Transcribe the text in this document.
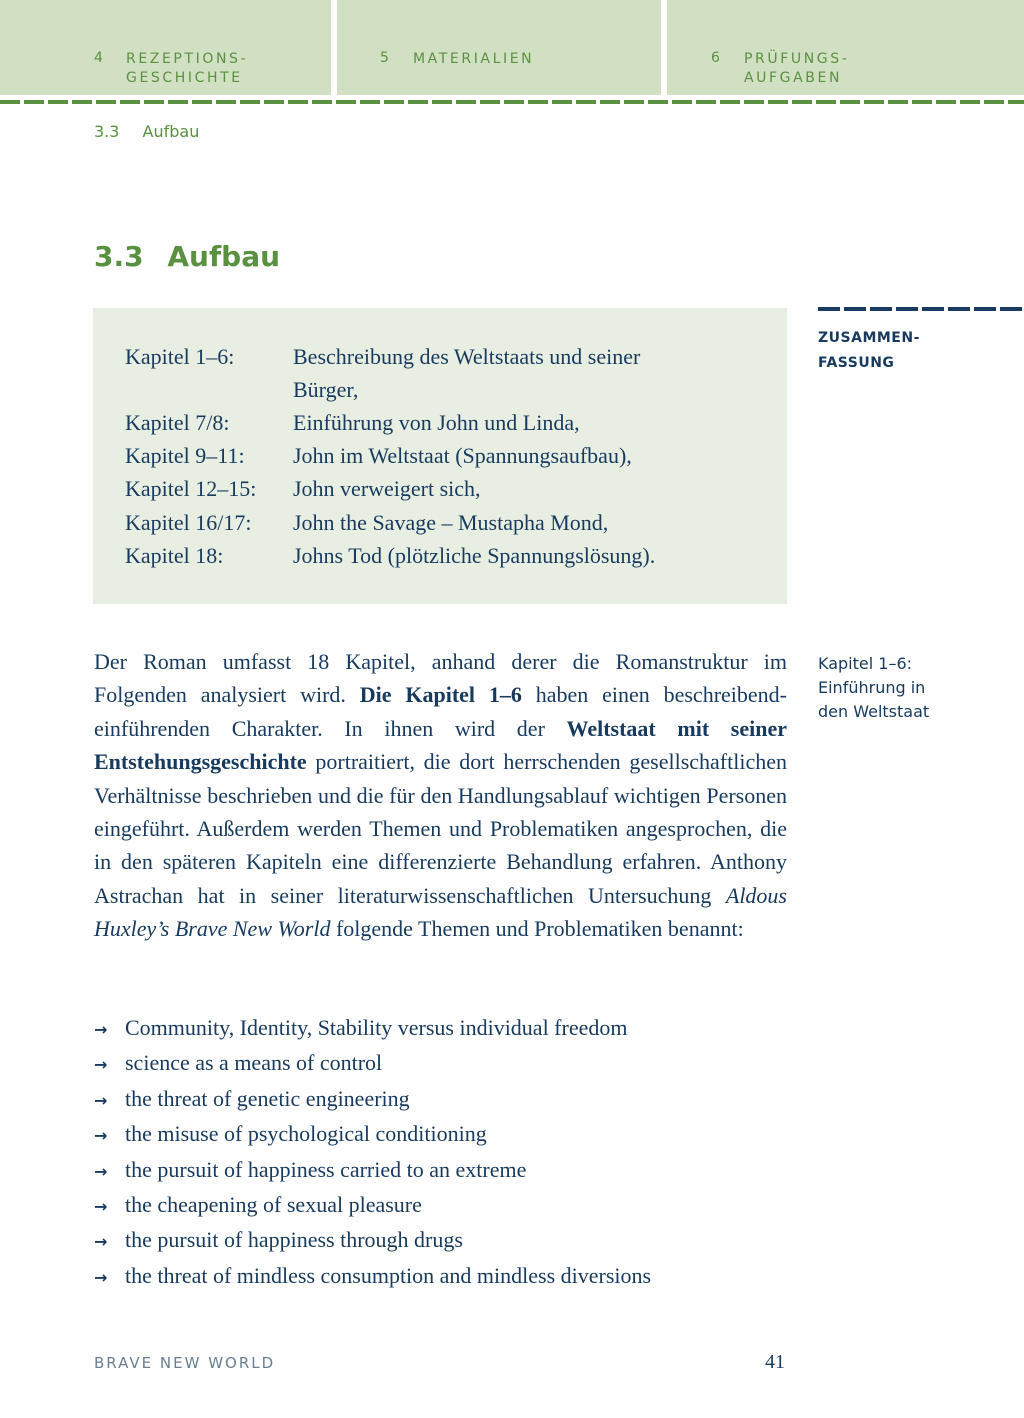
4 REZEPTIONS-
GESCHICHTE
5 MATERIALIEN	6 PRÜFUNGS-
AUFGABEN
3.3 Aufbau
3.3 Aufbau
ZUSAMMEN-
FASSUNG
Kapitel 1–6:	Beschreibung des Weltstaats und seiner
Bürger,
Kapitel 7/8:	Einführung von John und Linda,
Kapitel 9–11: John im Weltstaat (Spannungsaufbau),
Kapitel 12–15: John verweigert sich,
Kapitel 16/17: John the Savage – Mustapha Mond,
Kapitel 18:	Johns Tod (plötzliche Spannungslösung).
Kapitel 1–6:
Einführung in
den Weltstaat
Der Roman umfasst 18 Kapitel, anhand derer die Romanstruktur im Folgenden analysiert wird. Die Kapitel 1–6 haben einen beschreibend-einführenden Charakter. In ihnen wird der Weltstaat mit seiner Entstehungsgeschichte portraitiert, die dort herrschenden gesellschaftlichen Verhältnisse beschrieben und die für den Handlungsablauf wichtigen Personen eingeführt. Außerdem werden Themen und Problematiken angesprochen, die in den späteren Kapiteln eine differenzierte Behandlung erfahren. Anthony Astrachan hat in seiner literaturwissenschaftlichen Untersuchung Aldous Huxley’s Brave New World folgende Themen und Problematiken benannt:
→ Community, Identity, Stability versus individual freedom
→ science as a means of control
→ the threat of genetic engineering
→ the misuse of psychological conditioning
→ the pursuit of happiness carried to an extreme
→ the cheapening of sexual pleasure
→ the pursuit of happiness through drugs
→ the threat of mindless consumption and mindless diversions
BRAVE NEW WORLD	41
